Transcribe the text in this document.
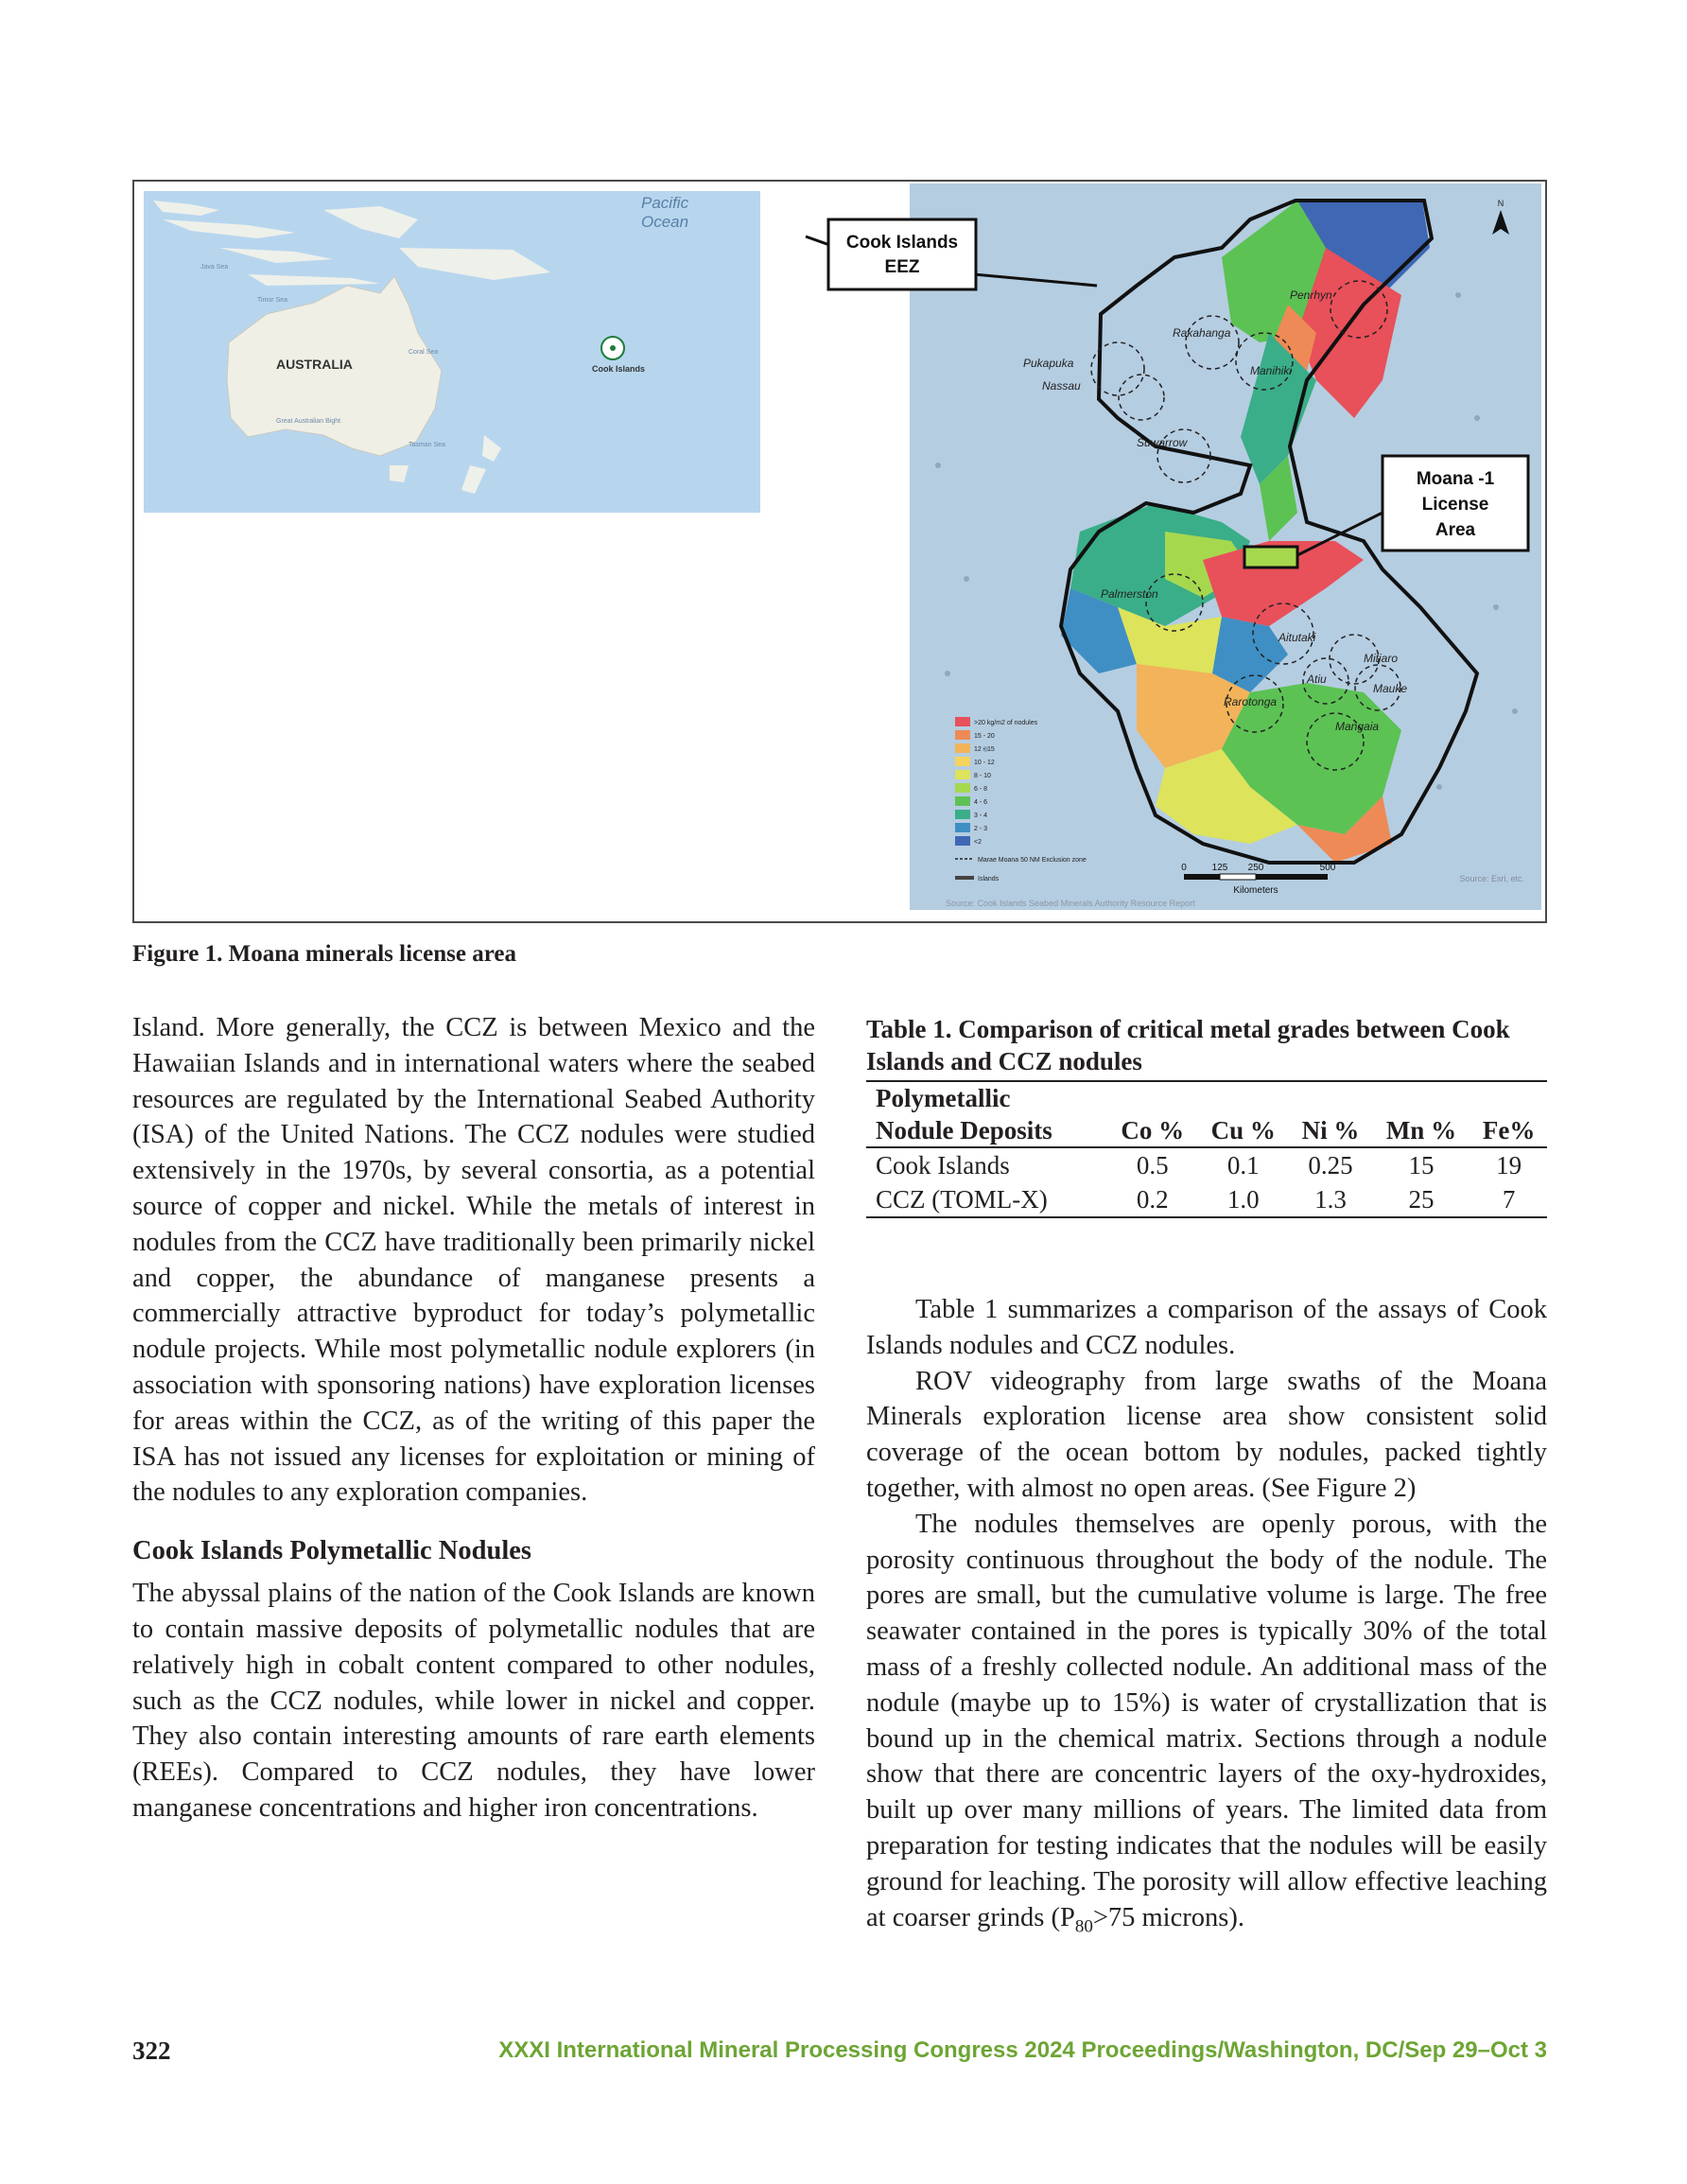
Pacific
Ocean
AUSTRALIA
Java Sea
Timor Sea
Coral Sea
Great Australian Bight
Tasman Sea
Cook Islands
Penrhyn
Rakahanga
Pukapuka
Manihiki
Nassau
Suwarrow
Palmerston
Aitutaki
Mitiaro
Atiu
Mauke
Rarotonga
Mangaia
Cook Islands
EEZ
Moana -1
License
Area
N
>20 kg/m2 of nodules
15 - 20
12 - 15
10 - 12
8 - 10
6 - 8
4 - 6
3 - 4
2 - 3
<2
Marae Moana 50 NM Exclusion zone
Islands
0	125 250	500
Kilometers
Source: Esri, etc.
Source: Cook Islands Seabed Minerals Authority Resource Report
Figure 1. Moana minerals license area

Island. More generally, the CCZ is between Mexico and the Hawaiian Islands and in international waters where the seabed resources are regulated by the International Seabed Authority (ISA) of the United Nations. The CCZ nodules were studied extensively in the 1970s, by several consortia, as a potential source of copper and nickel. While the metals of interest in nodules from the CCZ have traditionally been primarily nickel and copper, the abundance of manganese presents a commercially attractive byproduct for today’s polymetallic nodule projects. While most polymetallic nodule explorers (in association with sponsoring nations) have exploration licenses for areas within the CCZ, as of the writing of this paper the ISA has not issued any licenses for exploitation or mining of the nodules to any exploration companies.

Cook Islands Polymetallic Nodules

The abyssal plains of the nation of the Cook Islands are known to contain massive deposits of polymetallic nodules that are relatively high in cobalt content compared to other nodules, such as the CCZ nodules, while lower in nickel and copper. They also contain interesting amounts of rare earth elements (REEs). Compared to CCZ nodules, they have lower manganese concentrations and higher iron concentrations.

Table 1. Comparison of critical metal grades between Cook Islands and CCZ nodules
Polymetallic
Nodule Deposits	Co %	Cu %	Ni %	Mn %	Fe%
Cook Islands	0.5	0.1	0.25	15	19
CCZ (TOML-X)	0.2	1.0	1.3	25	7

Table 1 summarizes a comparison of the assays of Cook Islands nodules and CCZ nodules.

ROV videography from large swaths of the Moana Minerals exploration license area show consistent solid coverage of the ocean bottom by nodules, packed tightly together, with almost no open areas. (See Figure 2)

The nodules themselves are openly porous, with the porosity continuous throughout the body of the nodule. The pores are small, but the cumulative volume is large. The free seawater contained in the pores is typically 30% of the total mass of a freshly collected nodule. An additional mass of the nodule (maybe up to 15%) is water of crystallization that is bound up in the chemical matrix. Sections through a nodule show that there are concentric layers of the oxy-hydroxides, built up over many millions of years. The limited data from preparation for testing indicates that the nodules will be easily ground for leaching. The porosity will allow effective leaching at coarser grinds ($P_{80}>75$ microns).

322	XXXI International Mineral Processing Congress 2024 Proceedings/Washington, DC/Sep 29–Oct 3
